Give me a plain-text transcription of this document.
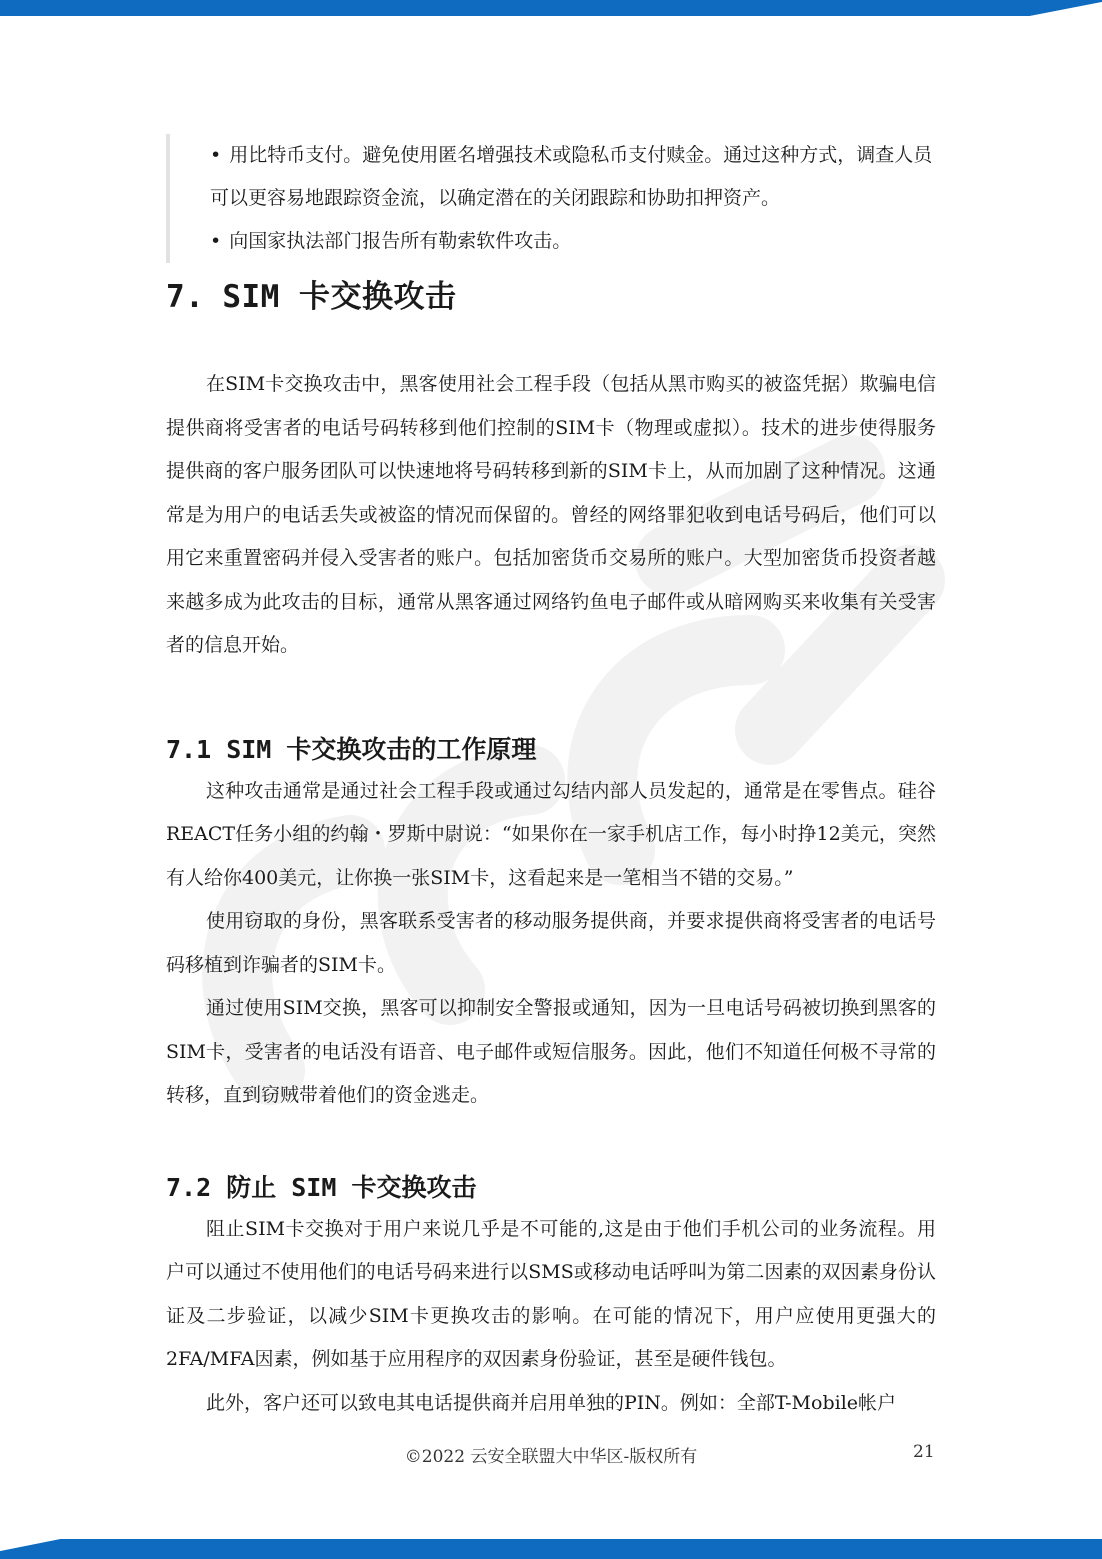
• 用比特币支付。避免使用匿名增强技术或隐私币支付赎金。通过这种方式，调查人员可以更容易地跟踪资金流，以确定潜在的关闭跟踪和协助扣押资产。

• 向国家执法部门报告所有勒索软件攻击。

7. SIM 卡交换攻击

在SIM卡交换攻击中，黑客使用社会工程手段（包括从黑市购买的被盗凭据）欺骗电信提供商将受害者的电话号码转移到他们控制的SIM卡（物理或虚拟）。技术的进步使得服务提供商的客户服务团队可以快速地将号码转移到新的SIM卡上，从而加剧了这种情况。这通常是为用户的电话丢失或被盗的情况而保留的。曾经的网络罪犯收到电话号码后，他们可以用它来重置密码并侵入受害者的账户。包括加密货币交易所的账户。大型加密货币投资者越来越多成为此攻击的目标，通常从黑客通过网络钓鱼电子邮件或从暗网购买来收集有关受害者的信息开始。

7.1 SIM 卡交换攻击的工作原理

这种攻击通常是通过社会工程手段或通过勾结内部人员发起的，通常是在零售点。硅谷REACT任务小组的约翰・罗斯中尉说：“如果你在一家手机店工作，每小时挣12美元，突然有人给你400美元，让你换一张SIM卡，这看起来是一笔相当不错的交易。”

使用窃取的身份，黑客联系受害者的移动服务提供商，并要求提供商将受害者的电话号码移植到诈骗者的SIM卡。

通过使用SIM交换，黑客可以抑制安全警报或通知，因为一旦电话号码被切换到黑客的SIM卡，受害者的电话没有语音、电子邮件或短信服务。因此，他们不知道任何极不寻常的转移，直到窃贼带着他们的资金逃走。

7.2 防止 SIM 卡交换攻击

阻止SIM卡交换对于用户来说几乎是不可能的,这是由于他们手机公司的业务流程。用户可以通过不使用他们的电话号码来进行以SMS或移动电话呼叫为第二因素的双因素身份认证及二步验证，以减少SIM卡更换攻击的影响。在可能的情况下，用户应使用更强大的2FA/MFA因素，例如基于应用程序的双因素身份验证，甚至是硬件钱包。

此外，客户还可以致电其电话提供商并启用单独的PIN。例如：全部T-Mobile帐户

©2022 云安全联盟大中华区-版权所有	21
